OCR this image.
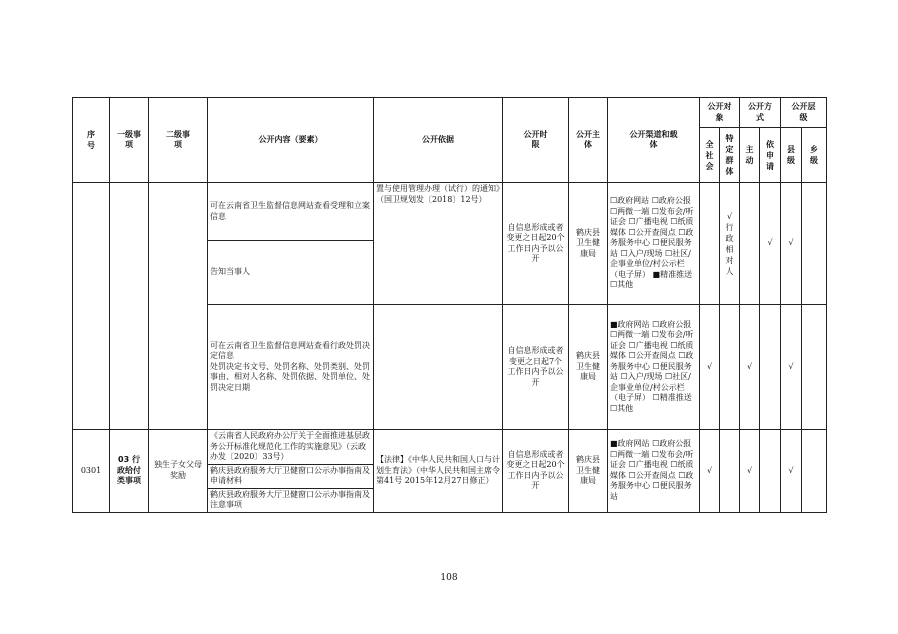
序号	一级事项	二级事项	公开内容（要素）	公开依据	公开时限	公开主体	公开渠道和载体	公开对象		公开方式		公开层级	

								全社会	特定群体	主动	依申请	县级	乡级

			可在云南省卫生监督信息网站查看受理和立案信息	置与使用管理办理（试行）的通知》（国卫规划发〔2018〕12号）	自信息形成或者变更之日起20个工作日内予以公开	鹤庆县卫生健康局	☐政府网站 ☐政府公报 ☐两微一端 ☐发布会/听证会 ☐广播电视 ☐纸质媒体 ☐公开查阅点 ☐政务服务中心 ☐便民服务站 ☐入户/现场 ☐社区/企事业单位/村公示栏（电子屏） ■精准推送 ☐其他		√行政相对人		√	√	
			告知当事人										
			可在云南省卫生监督信息网站查看行政处罚决定信息
处罚决定书文号、处罚名称、处罚类别、处罚事由、相对人名称、处罚依据、处罚单位、处罚决定日期		自信息形成或者变更之日起7个工作日内予以公开	鹤庆县卫生健康局	■政府网站 ☐政府公报 ☐两微一端 ☐发布会/听证会 ☐广播电视 ☐纸质媒体 ☐公开查阅点 ☐政务服务中心 ☐便民服务站 ☐入户/现场 ☐社区/企事业单位/村公示栏（电子屏） ☐精准推送 ☐其他	√		√		√	
0301	03 行政给付类事项	独生子女父母奖励	《云南省人民政府办公厅关于全面推进基层政务公开标准化规范化工作的实施意见》（云政办发〔2020〕33号）	【法律】《中华人民共和国人口与计划生育法》（中华人民共和国主席令第41号 2015年12月27日修正）	自信息形成或者变更之日起20个工作日内予以公开	鹤庆县卫生健康局	■政府网站 ☐政府公报 ☐两微一端 ☐发布会/听证会 ☐广播电视 ☐纸质媒体 ☐公开查阅点 ☐政务服务中心 ☐便民服务站	√		√		√	
			鹤庆县政府服务大厅卫健窗口公示办事指南及申请材料										
			鹤庆县政府服务大厅卫健窗口公示办事指南及注意事项										
108
